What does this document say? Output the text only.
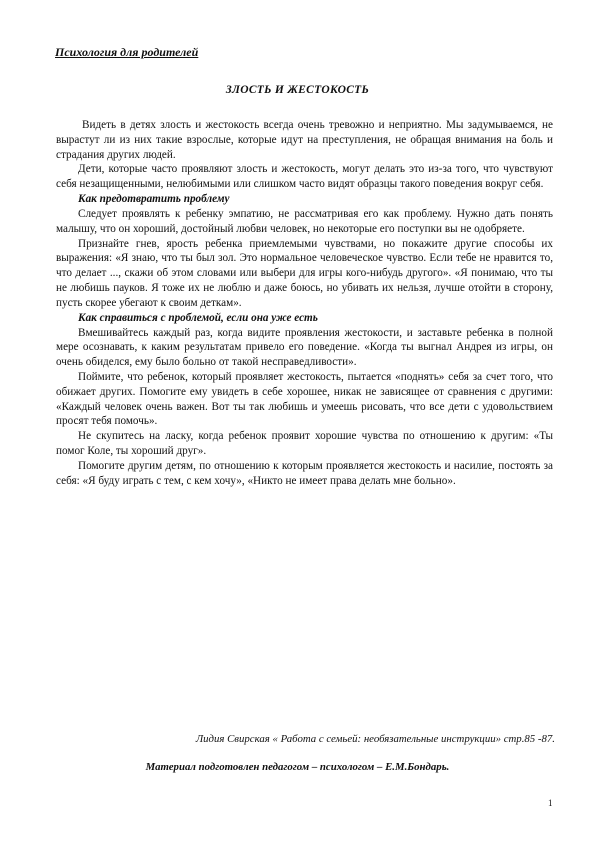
Психология для родителей
ЗЛОСТЬ И ЖЕСТОКОСТЬ

Видеть в детях злость и жестокость всегда очень тревожно и неприятно. Мы задумываемся, не вырастут ли из них такие взрослые, которые идут на преступления, не обращая внимания на боль и страдания других людей.

Дети, которые часто проявляют злость и жестокость, могут делать это из-за того, что чувствуют себя незащищенными, нелюбимыми или слишком часто видят образцы такого поведения вокруг себя.

Как предотвратить проблему

Следует проявлять к ребенку эмпатию, не рассматривая его как проблему. Нужно дать понять малышу, что он хороший, достойный любви человек, но некоторые его поступки вы не одобряете.

Признайте гнев, ярость ребенка приемлемыми чувствами, но покажите другие способы их выражения: «Я знаю, что ты был зол. Это нормальное человеческое чувство. Если тебе не нравится то, что делает ..., скажи об этом словами или выбери для игры кого-нибудь другого». «Я понимаю, что ты не любишь пауков. Я тоже их не люблю и даже боюсь, но убивать их нельзя, лучше отойти в сторону, пусть скорее убегают к своим деткам».

Как справиться с проблемой, если она уже есть

Вмешивайтесь каждый раз, когда видите проявления жестокости, и заставьте ребенка в полной мере осознавать, к каким результатам привело его поведение. «Когда ты выгнал Андрея из игры, он очень обиделся, ему было больно от такой несправедливости».

Поймите, что ребенок, который проявляет жестокость, пытается «поднять» себя за счет того, что обижает других. Помогите ему увидеть в себе хорошее, никак не зависящее от сравнения с другими: «Каждый человек очень важен. Вот ты так любишь и умеешь рисовать, что все дети с удовольствием просят тебя помочь».

Не скупитесь на ласку, когда ребенок проявит хорошие чувства по отношению к другим: «Ты помог Коле, ты хороший друг».

Помогите другим детям, по отношению к которым проявляется жестокость и насилие, постоять за себя: «Я буду играть с тем, с кем хочу», «Никто не имеет права делать мне больно».

Лидия Свирская « Работа с семьей: необязательные инструкции» стр.85 -87.
Материал подготовлен педагогом – психологом – Е.М.Бондарь.
1
